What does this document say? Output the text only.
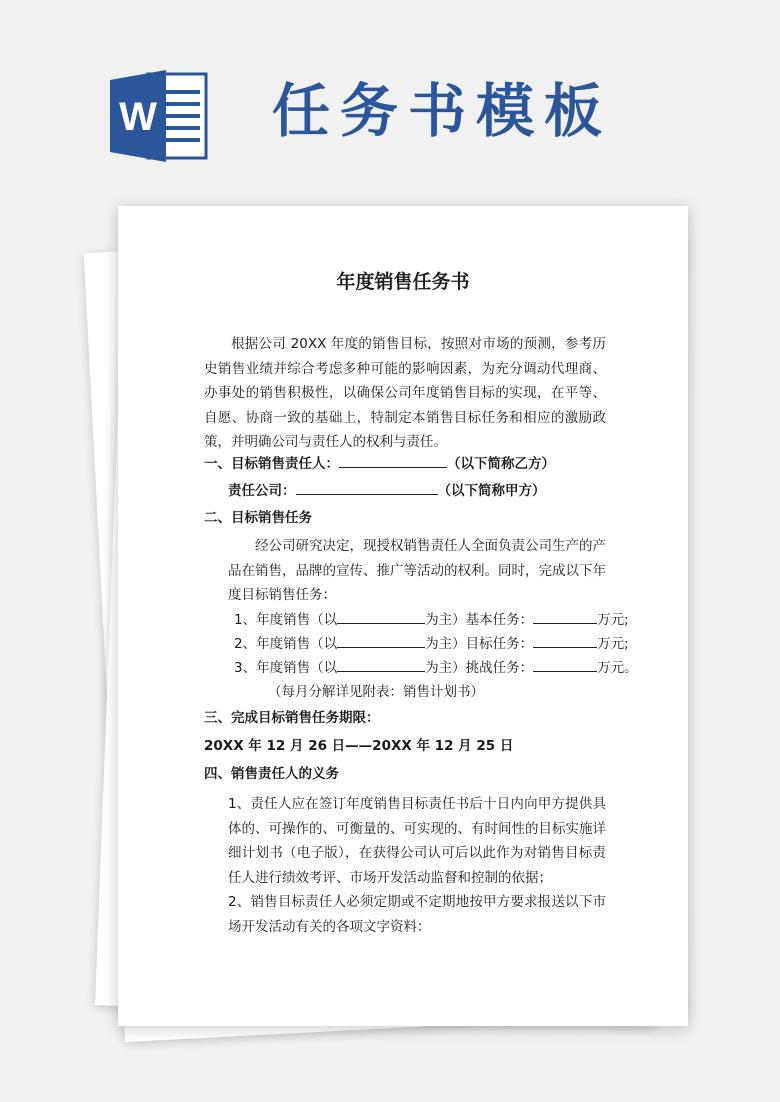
W 任务书模板
年度销售任务书
根据公司 20XX 年度的销售目标，按照对市场的预测，参考历史销售业绩并综合考虑多种可能的影响因素，为充分调动代理商、办事处的销售积极性，以确保公司年度销售目标的实现，在平等、自愿、协商一致的基础上，特制定本销售目标任务和相应的激励政策，并明确公司与责任人的权利与责任。
一、目标销售责任人：	（以下简称乙方）
责任公司：	（以下简称甲方）
二、目标销售任务
经公司研究决定，现授权销售责任人全面负责公司生产的产品在销售，品牌的宣传、推广等活动的权利。同时，完成以下年度目标销售任务：
1、年度销售（以	为主）基本任务：	万元;
2、年度销售（以	为主）目标任务：	万元;
3、年度销售（以	为主）挑战任务：	万元。
（每月分解详见附表：销售计划书）
三、完成目标销售任务期限：
20XX 年 12 月 26 日——20XX 年 12 月 25 日
四、销售责任人的义务
1、责任人应在签订年度销售目标责任书后十日内向甲方提供具体的、可操作的、可衡量的、可实现的、有时间性的目标实施详细计划书（电子版），在获得公司认可后以此作为对销售目标责任人进行绩效考评、市场开发活动监督和控制的依据；
2、销售目标责任人必须定期或不定期地按甲方要求报送以下市场开发活动有关的各项文字资料：
